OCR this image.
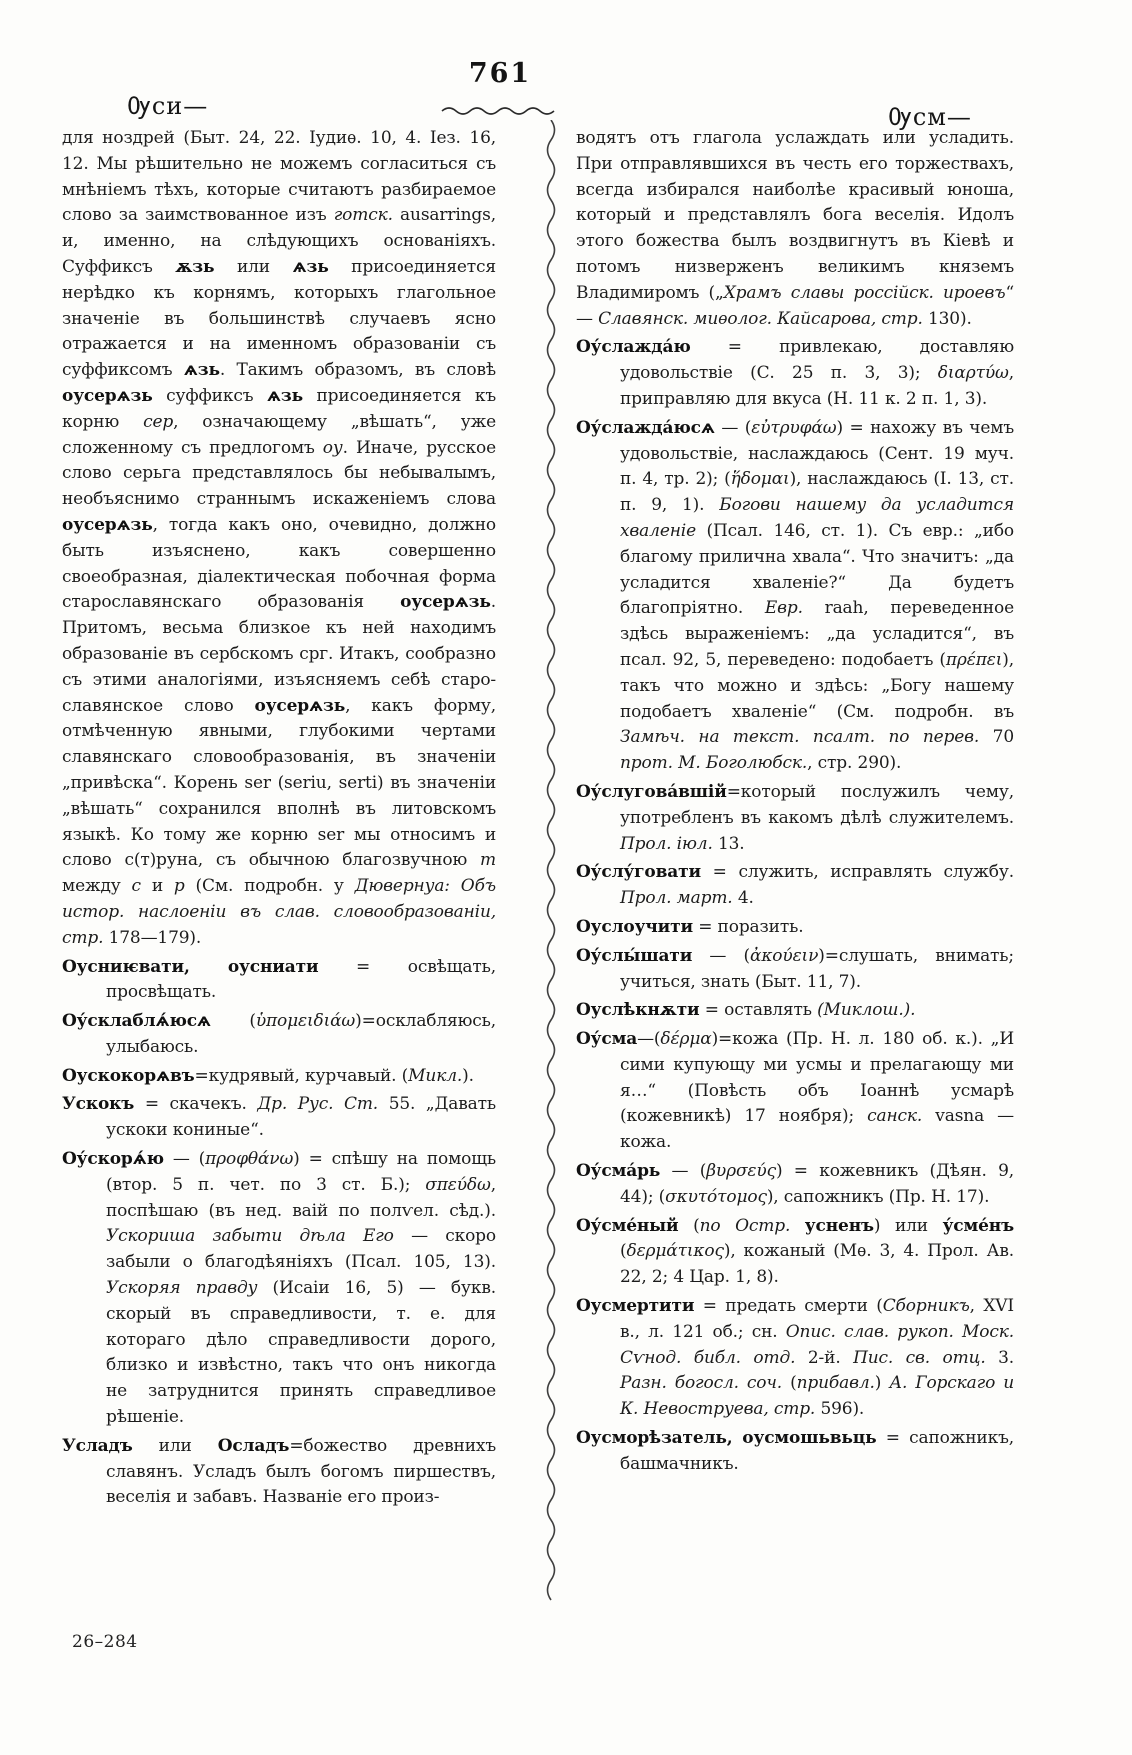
761
Ѹси—	Ѹсм—

для ноздрей (Быт. 24, 22. Іудиѳ. 10, 4. Іез. 16, 12. Мы рѣшительно не можемъ согласиться съ мнѣніемъ тѣхъ, которые считаютъ разбираемое слово за заимствованное изъ готск. ausarrings, и, именно, на слѣдующихъ основаніяхъ. Суффиксъ ѫзь или ѧзь присоединяется нерѣдко къ корнямъ, которыхъ глагольное значеніе въ большинствѣ случаевъ ясно отражается и на именномъ образованіи съ суффиксомъ ѧзь. Такимъ образомъ, въ словѣ оусерѧзь суффиксъ ѧзь присоединяется къ корню сер, означающему „вѣшать“, уже сложенному съ предлогомъ оу. Иначе, русское слово серьга представлялось бы небывалымъ, необъяснимо страннымъ искаженіемъ слова оусерѧзь, тогда какъ оно, очевидно, должно быть изъяснено, какъ совершенно своеобразная, діалектическая побочная форма старославянскаго образованія оусерѧзь. Притомъ, весьма близкое къ ней находимъ образованіе въ сербскомъ срг. Итакъ, сообразно съ этими аналогіями, изъясняемъ себѣ старо-славянское слово оусерѧзь, какъ форму, отмѣченную явными, глубокими чертами славянскаго словообразованія, въ значеніи „привѣска“. Корень ser (seriu, serti) въ значеніи „вѣшать“ сохранился вполнѣ въ литовскомъ языкѣ. Ко тому же корню ser мы относимъ и слово с(т)руна, съ обычною благозвучною т между с и р (См. подробн. у Дювернуа: Объ истор. наслоеніи въ слав. словообразованіи, стр. 178—179).

Оусниѥвати, оусниати = освѣщать, просвѣщать.

Оу́склаблѧ́юсѧ (ὑπομειδιάω)=осклабляюсь, улыбаюсь.

Оускокорѧвъ=кудрявый, курчавый. (Микл.).

Ускокъ = скачекъ. Др. Рус. Ст. 55. „Давать ускоки кониные“.

Оу́скорѧ́ю — (προφθάνω) = спѣшу на помощь (втор. 5 п. чет. по 3 ст. Б.); σπεύδω, поспѣшаю (въ нед. ваій по полѵел. сѣд.). Ускориша забыти дѣла Его — скоро забыли о благодѣяніяхъ (Псал. 105, 13). Ускоряя правду (Исаіи 16, 5) — букв. скорый въ справедливости, т. е. для котораго дѣло справедливости дорого, близко и извѣстно, такъ что онъ никогда не затруднится принять справедливое рѣшеніе.

Усладъ или Осладъ=божество древнихъ славянъ. Усладъ былъ богомъ пиршествъ, веселія и забавъ. Названіе его произ-

водятъ отъ глагола услаждать или усладить. При отправлявшихся въ честь его торжествахъ, всегда избирался наиболѣе красивый юноша, который и представлялъ бога веселія. Идолъ этого божества былъ воздвигнутъ въ Кіевѣ и потомъ низверженъ великимъ княземъ Владимиромъ („Храмъ славы россійск. ироевъ“ — Славянск. миѳолог. Кайсарова, стр. 130).

Оу́слажда́ю = привлекаю, доставляю удовольствіе (С. 25 п. 3, 3); διαρτύω, приправляю для вкуса (Н. 11 к. 2 п. 1, 3).

Оу́слажда́юсѧ — (εὐτρυφάω) = нахожу въ чемъ удовольствіе, наслаждаюсь (Сент. 19 муч. п. 4, тр. 2); (ἥδομαι), наслаждаюсь (І. 13, ст. п. 9, 1). Богови нашему да усладится хваленіе (Псал. 146, ст. 1). Съ евр.: „ибо благому прилична хвала“. Что значитъ: „да усладится хваленіе?“ Да будетъ благопріятно. Евр. raah, переведенное здѣсь выраженіемъ: „да усладится“, въ псал. 92, 5, переведено: подобаетъ (πρέπει), такъ что можно и здѣсь: „Богу нашему подобаетъ хваленіе“ (См. подробн. въ Замѣч. на текст. псалт. по перев. 70 прот. М. Боголюбск., стр. 290).

Оу́слугова́вшій=который послужилъ чему, употребленъ въ какомъ дѣлѣ служителемъ. Прол. іюл. 13.

Оу́слу́говати = служить, исправлять службу. Прол. март. 4.

Оуслоучити = поразить.

Оу́слы́шати — (ἀκούειν)=слушать, внимать; учиться, знать (Быт. 11, 7).

Оуслѣкнѫти = оставлять (Миклош.).

Оу́сма—(δέρμα)=кожа (Пр. Н. л. 180 об. к.). „И сими купующу ми усмы и прелагающу ми я…“ (Повѣсть объ Іоаннѣ усмарѣ (кожевникѣ) 17 ноября); санск. vasna — кожа.

Оу́сма́рь — (βυρσεύς) = кожевникъ (Дѣян. 9, 44); (σκυτότομος), сапожникъ (Пр. Н. 17).

Оу́сме́ный (по Остр. усненъ) или у́сме́нъ (δερμάτικος), кожаный (Мѳ. 3, 4. Прол. Ав. 22, 2; 4 Цар. 1, 8).

Оусмертити = предать смерти (Сборникъ, XVI в., л. 121 об.; сн. Опис. слав. рукоп. Моск. Сѵнод. библ. отд. 2-й. Пис. св. отц. 3. Разн. богосл. соч. (прибавл.) А. Горскаго и К. Невоструева, стр. 596).

Оусморѣзатель, оусмошьвьць = сапожникъ, башмачникъ.

26–284
